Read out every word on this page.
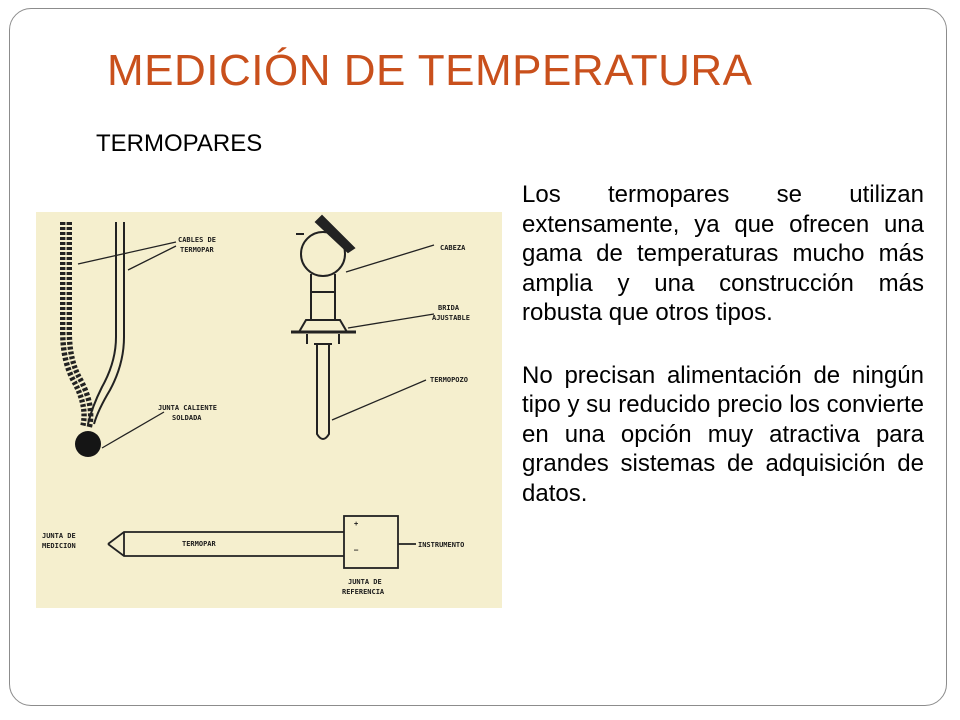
MEDICIÓN DE TEMPERATURA
TERMOPARES
CABLES DE
TERMOPAR
JUNTA CALIENTE
SOLDADA
CABEZA
BRIDA
AJUSTABLE
TERMOPOZO
+
–
JUNTA DE
MEDICION	TERMOPAR	INSTRUMENTO
JUNTA DE
REFERENCIA

Los termopares se utilizan extensamente, ya que ofrecen una gama de temperaturas mucho más amplia y una construcción más robusta que otros tipos.

No precisan alimentación de ningún tipo y su reducido precio los convierte en una opción muy atractiva para grandes sistemas de adquisición de datos.
